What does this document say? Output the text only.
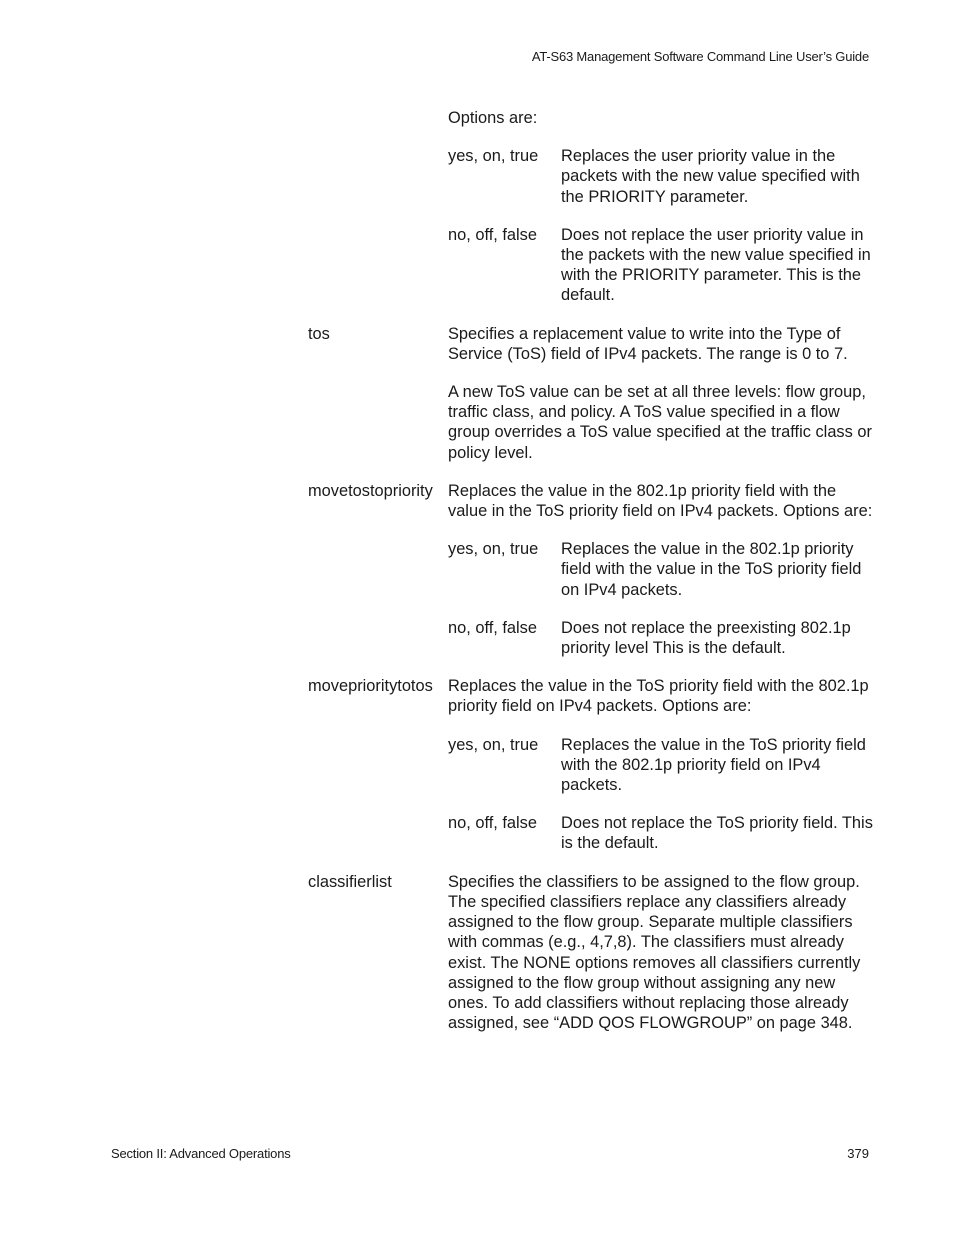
AT-S63 Management Software Command Line User’s Guide

Options are:

yes, on, true	Replaces the user priority value in the packets with the new value specified with the PRIORITY parameter.
no, off, false	Does not replace the user priority value in the packets with the new value specified in with the PRIORITY parameter. This is the default.
tos	Specifies a replacement value to write into the Type of Service (ToS) field of IPv4 packets. The range is 0 to 7.

A new ToS value can be set at all three levels: flow group, traffic class, and policy. A ToS value specified in a flow group overrides a ToS value specified at the traffic class or policy level.

movetostopriority Replaces the value in the 802.1p priority field with the value in the ToS priority field on IPv4 packets. Options are:
yes, on, true	Replaces the value in the 802.1p priority field with the value in the ToS priority field on IPv4 packets.
no, off, false	Does not replace the preexisting 802.1p priority level This is the default.
moveprioritytotos Replaces the value in the ToS priority field with the 802.1p priority field on IPv4 packets. Options are:
yes, on, true	Replaces the value in the ToS priority field with the 802.1p priority field on IPv4 packets.
no, off, false	Does not replace the ToS priority field. This is the default.
classifierlist	Specifies the classifiers to be assigned to the flow group. The specified classifiers replace any classifiers already assigned to the flow group. Separate multiple classifiers with commas (e.g., 4,7,8). The classifiers must already exist. The NONE options removes all classifiers currently assigned to the flow group without assigning any new ones. To add classifiers without replacing those already assigned, see “ADD QOS FLOWGROUP” on page 348.
Section II: Advanced Operations	379
